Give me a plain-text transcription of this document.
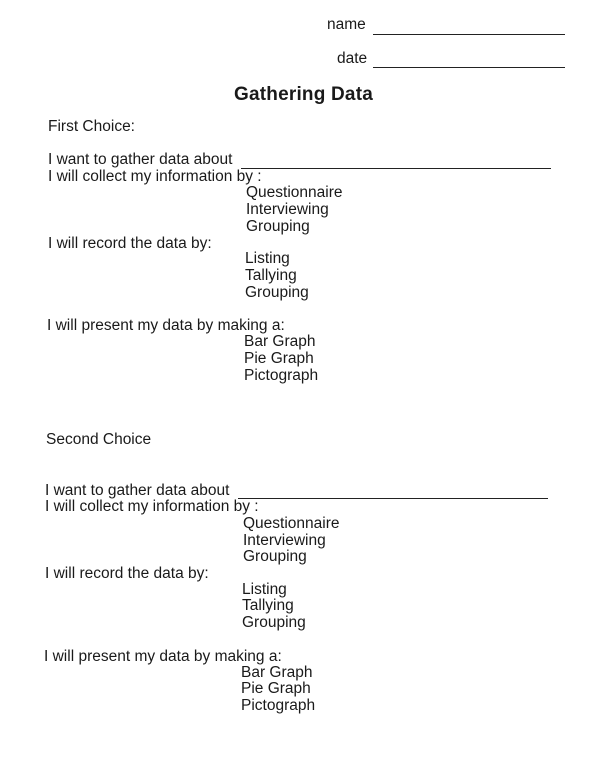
name
date
Gathering Data
First Choice:
I want to gather data about
I will collect my information by :
Questionnaire
Interviewing
Grouping
I will record the data by:
Listing
Tallying
Grouping
I will present my data by making a:
Bar Graph
Pie Graph
Pictograph
Second Choice
I want to gather data about
I will collect my information by :
Questionnaire
Interviewing
Grouping
I will record the data by:
Listing
Tallying
Grouping
I will present my data by making a:
Bar Graph
Pie Graph
Pictograph
